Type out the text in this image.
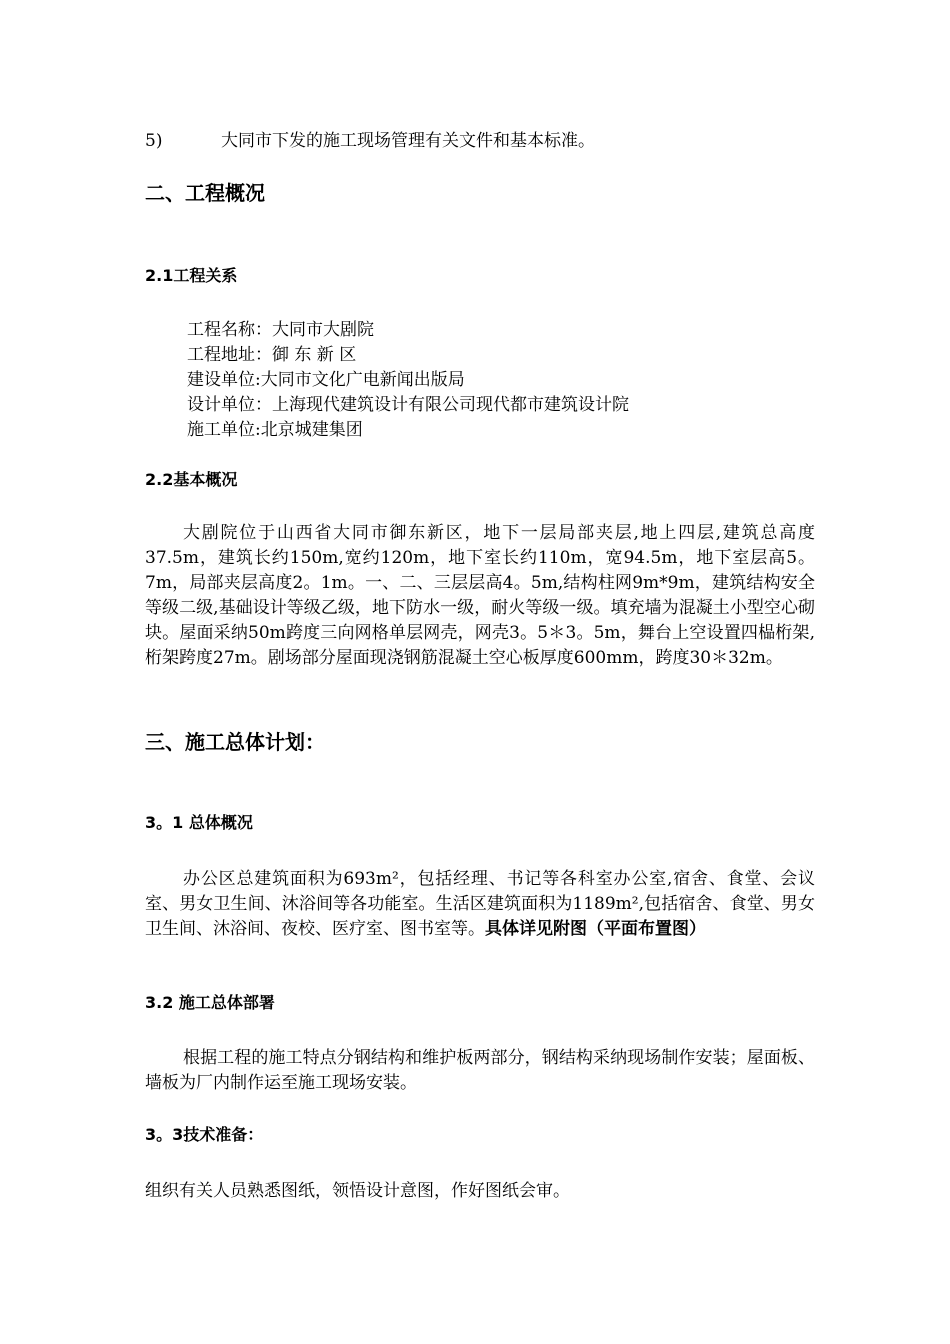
5)	大同市下发的施工现场管理有关文件和基本标准。
二、工程概况
2.1工程关系
工程名称：大同市大剧院
工程地址：御 东 新 区
建设单位:大同市文化广电新闻出版局
设计单位：上海现代建筑设计有限公司现代都市建筑设计院
施工单位:北京城建集团
2.2基本概况

大剧院位于山西省大同市御东新区，地下一层局部夹层,地上四层,建筑总高度37.5m，建筑长约150m,宽约120m，地下室长约110m，宽94.5m，地下室层高5。7m，局部夹层高度2。1m。一、二、三层层高4。5m,结构柱网9m*9m，建筑结构安全等级二级,基础设计等级乙级，地下防水一级，耐火等级一级。填充墙为混凝土小型空心砌块。屋面采纳50m跨度三向网格单层网壳，网壳3。5＊3。5m，舞台上空设置四榀桁架,桁架跨度27m。剧场部分屋面现浇钢筋混凝土空心板厚度600mm，跨度30＊32m。

三、施工总体计划：
3。1 总体概况

办公区总建筑面积为693m²，包括经理、书记等各科室办公室,宿舍、食堂、会议室、男女卫生间、沐浴间等各功能室。生活区建筑面积为1189m²,包括宿舍、食堂、男女卫生间、沐浴间、夜校、医疗室、图书室等。具体详见附图（平面布置图）

3.2 施工总体部署

根据工程的施工特点分钢结构和维护板两部分，钢结构采纳现场制作安装；屋面板、墙板为厂内制作运至施工现场安装。

3。3技术准备：

组织有关人员熟悉图纸，领悟设计意图，作好图纸会审。
